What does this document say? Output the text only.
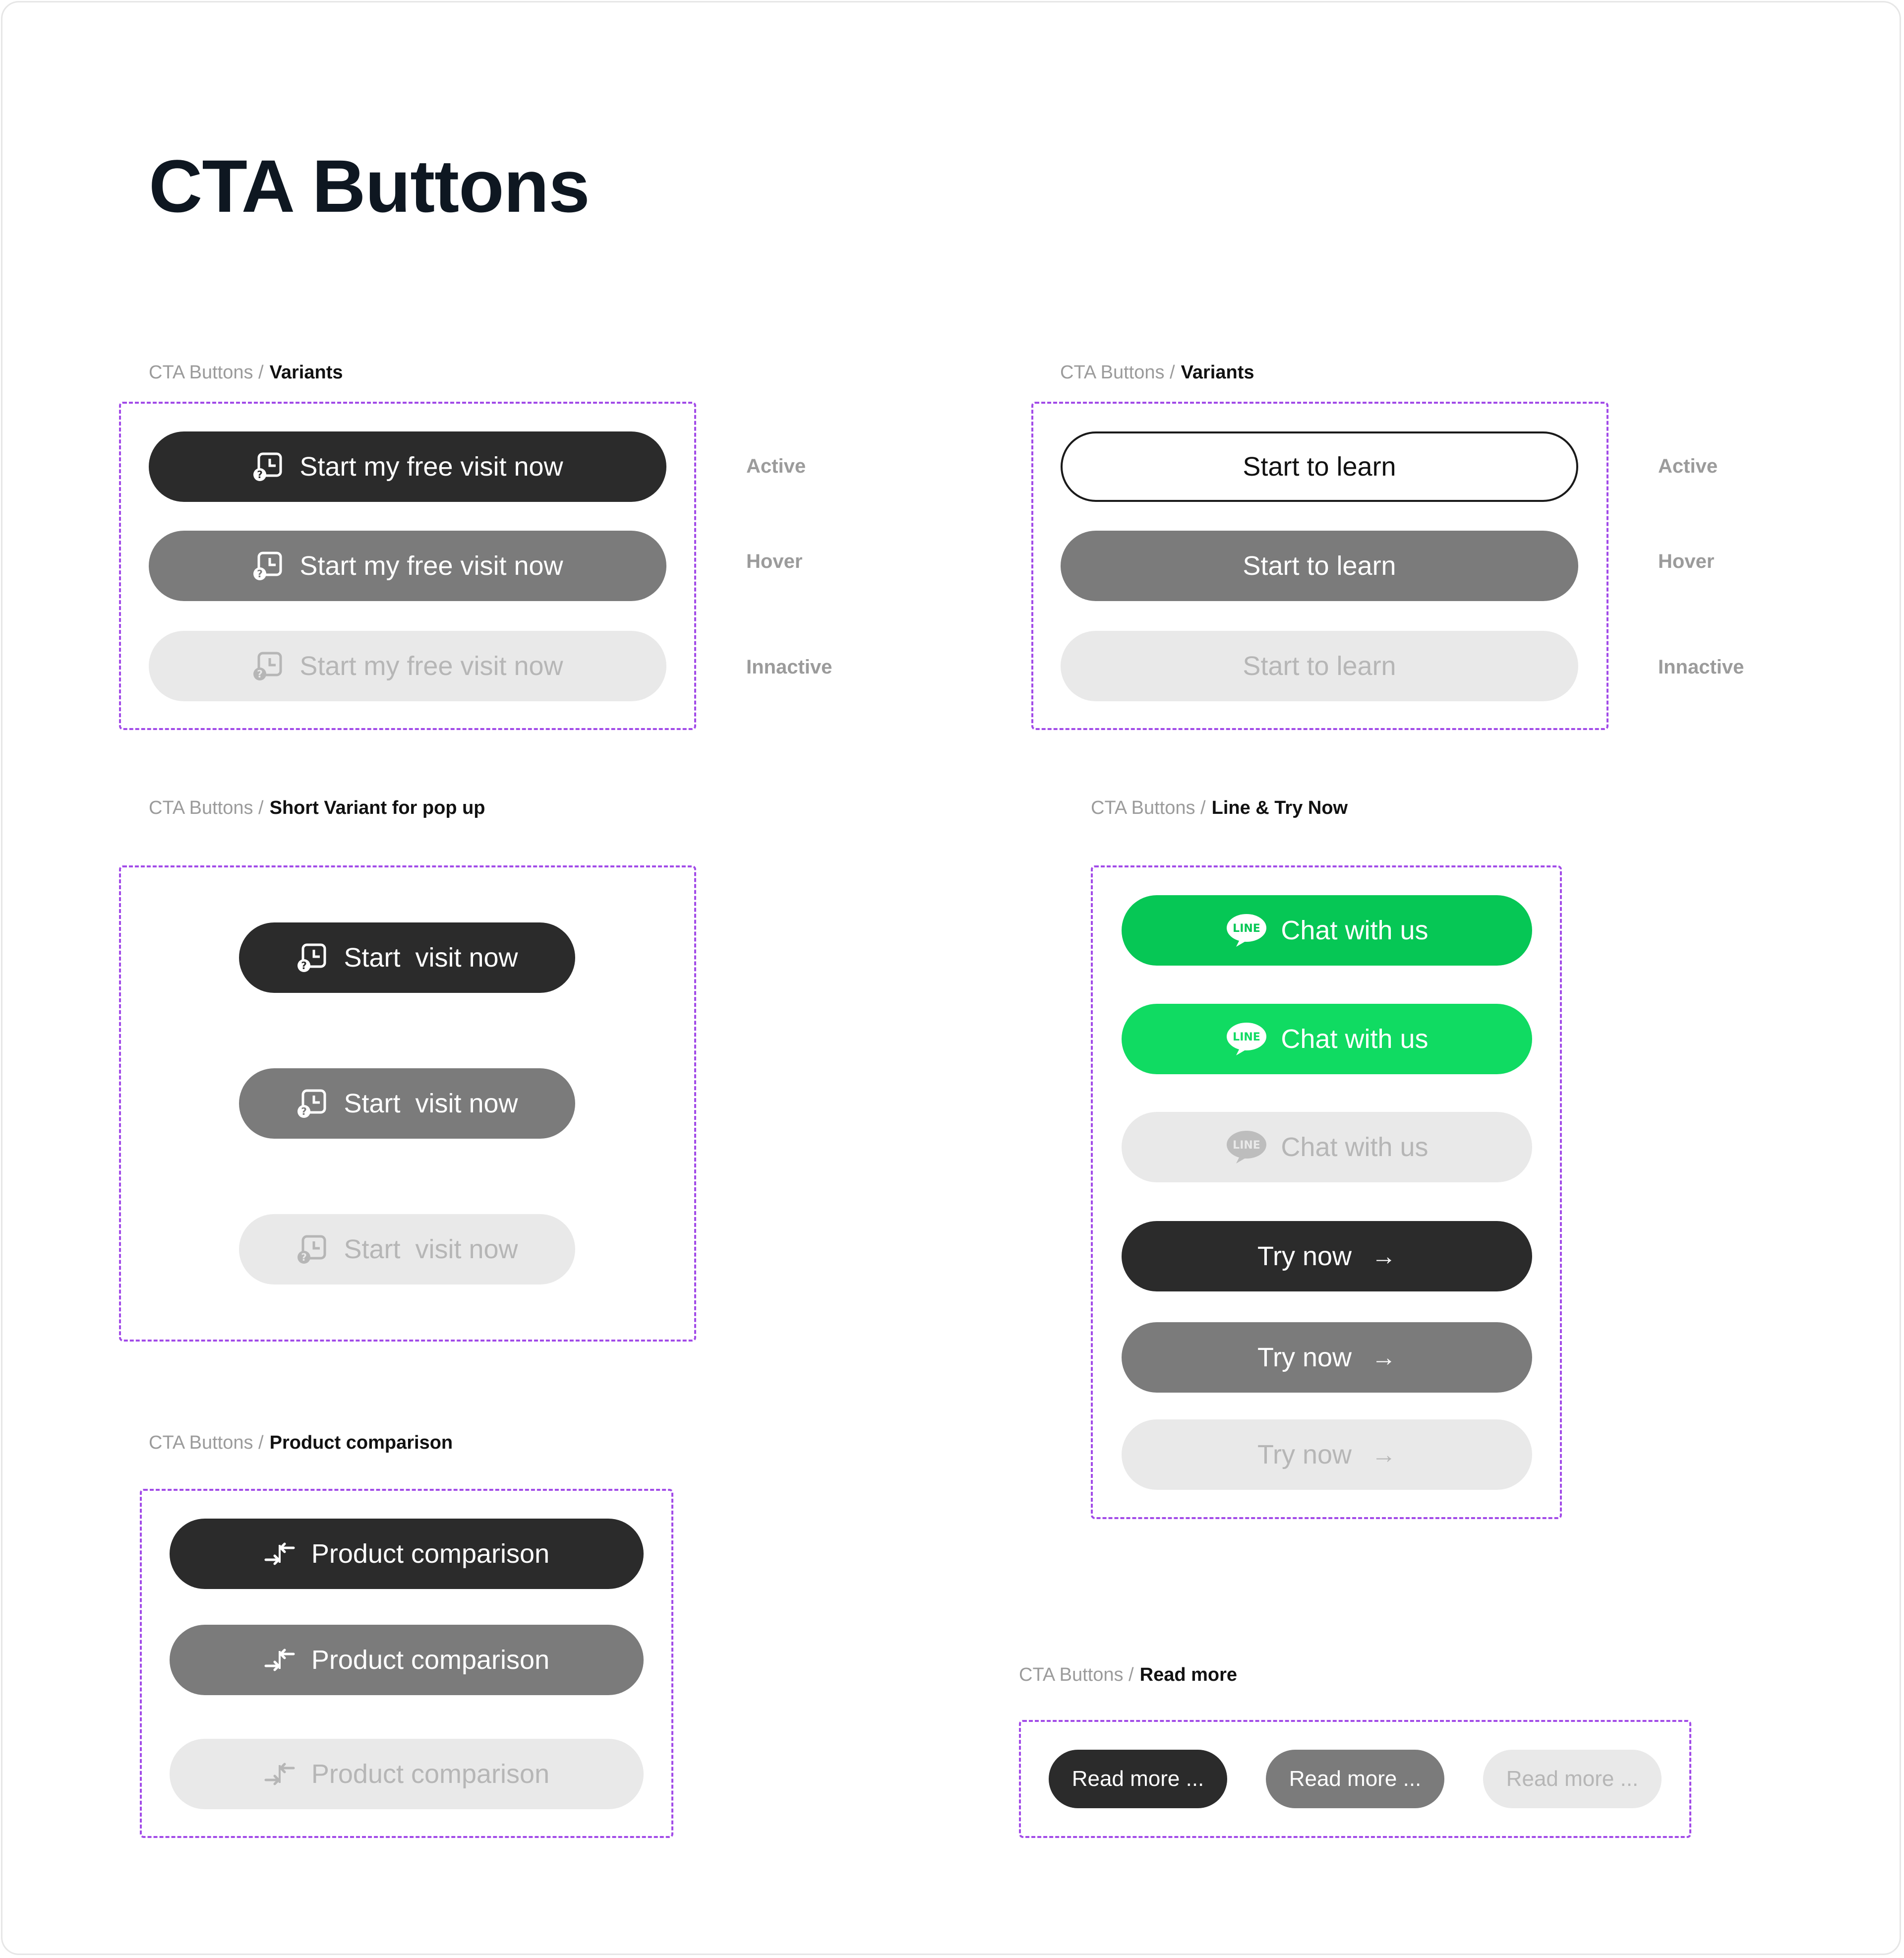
CTA Buttons
CTA Buttons / Variants
? Start my free visit now
? Start my free visit now
? Start my free visit now
Active
Hover
Innactive
CTA Buttons / Variants
Start to learn
Start to learn
Start to learn
Active
Hover
Innactive
CTA Buttons / Short Variant for pop up
? Start  visit now
? Start  visit now
? Start  visit now
CTA Buttons / Line & Try Now
LINE Chat with us
LINE Chat with us
LINE Chat with us
Try now →
Try now →
Try now →
CTA Buttons / Product comparison
Product comparison
Product comparison
Product comparison
CTA Buttons / Read more
Read more ...	Read more ...	Read more ...
